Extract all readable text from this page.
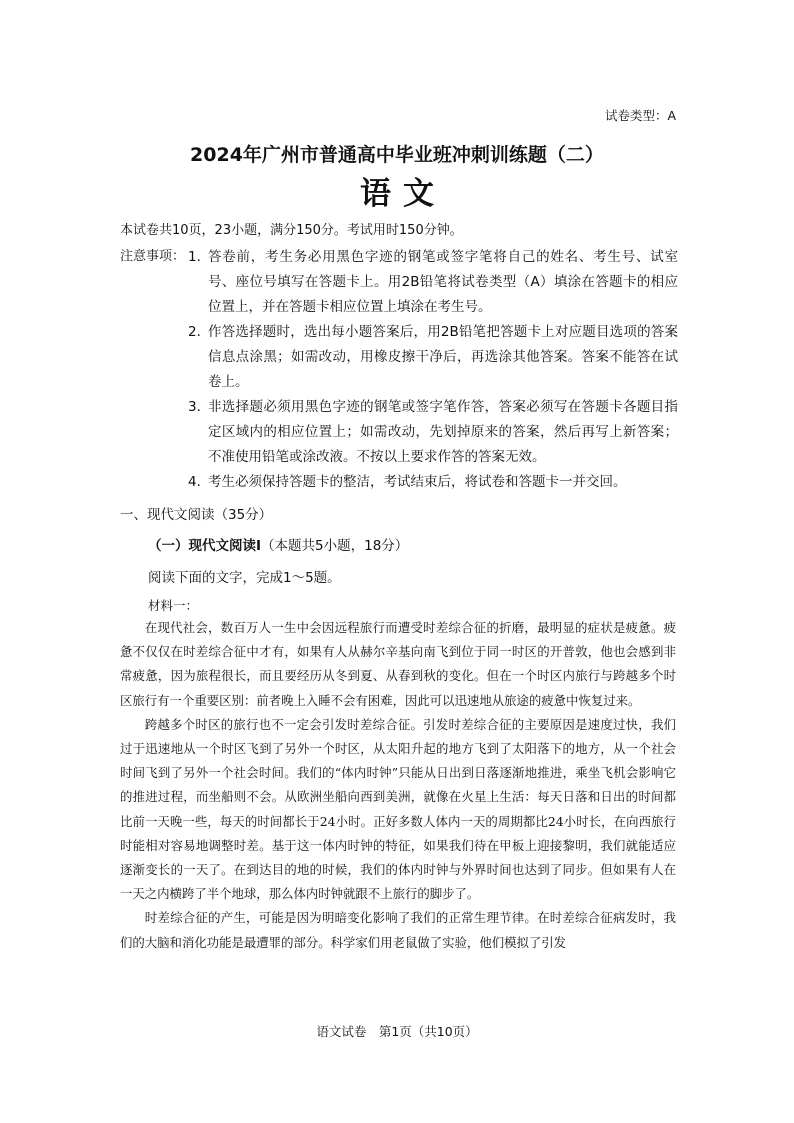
试卷类型：A
2024年广州市普通高中毕业班冲刺训练题（二）
语文
本试卷共10页，23小题，满分150分。考试用时150分钟。
注意事项： 1．
答卷前，考生务必用黑色字迹的钢笔或签字笔将自己的姓名、考生号、试室号、座位号填写在答题卡上。用2B铅笔将试卷类型（A）填涂在答题卡的相应位置上，并在答题卡相应位置上填涂在考生号。
2．
作答选择题时，选出每小题答案后，用2B铅笔把答题卡上对应题目选项的答案信息点涂黑；如需改动，用橡皮擦干净后，再选涂其他答案。答案不能答在试卷上。
3．
非选择题必须用黑色字迹的钢笔或签字笔作答，答案必须写在答题卡各题目指定区域内的相应位置上；如需改动，先划掉原来的答案，然后再写上新答案；不准使用铅笔或涂改液。不按以上要求作答的答案无效。
4．
考生必须保持答题卡的整洁，考试结束后，将试卷和答题卡一并交回。
一、现代文阅读（35分）
（一）现代文阅读Ⅰ（本题共5小题，18分）
阅读下面的文字，完成1～5题。
材料一：

在现代社会，数百万人一生中会因远程旅行而遭受时差综合征的折磨，最明显的症状是疲惫。疲惫不仅仅在时差综合征中才有，如果有人从赫尔辛基向南飞到位于同一时区的开普敦，他也会感到非常疲惫，因为旅程很长，而且要经历从冬到夏、从春到秋的变化。但在一个时区内旅行与跨越多个时区旅行有一个重要区别：前者晚上入睡不会有困难，因此可以迅速地从旅途的疲惫中恢复过来。

跨越多个时区的旅行也不一定会引发时差综合征。引发时差综合征的主要原因是速度过快，我们过于迅速地从一个时区飞到了另外一个时区，从太阳升起的地方飞到了太阳落下的地方，从一个社会时间飞到了另外一个社会时间。我们的“体内时钟”只能从日出到日落逐渐地推进，乘坐飞机会影响它的推进过程，而坐船则不会。从欧洲坐船向西到美洲，就像在火星上生活：每天日落和日出的时间都比前一天晚一些，每天的时间都长于24小时。正好多数人体内一天的周期都比24小时长，在向西旅行时能相对容易地调整时差。基于这一体内时钟的特征，如果我们待在甲板上迎接黎明，我们就能适应逐渐变长的一天了。在到达目的地的时候，我们的体内时钟与外界时间也达到了同步。但如果有人在一天之内横跨了半个地球，那么体内时钟就跟不上旅行的脚步了。

时差综合征的产生，可能是因为明暗变化影响了我们的正常生理节律。在时差综合征病发时，我们的大脑和消化功能是最遭罪的部分。科学家们用老鼠做了实验，他们模拟了引发

语文试卷　第1页（共10页）
